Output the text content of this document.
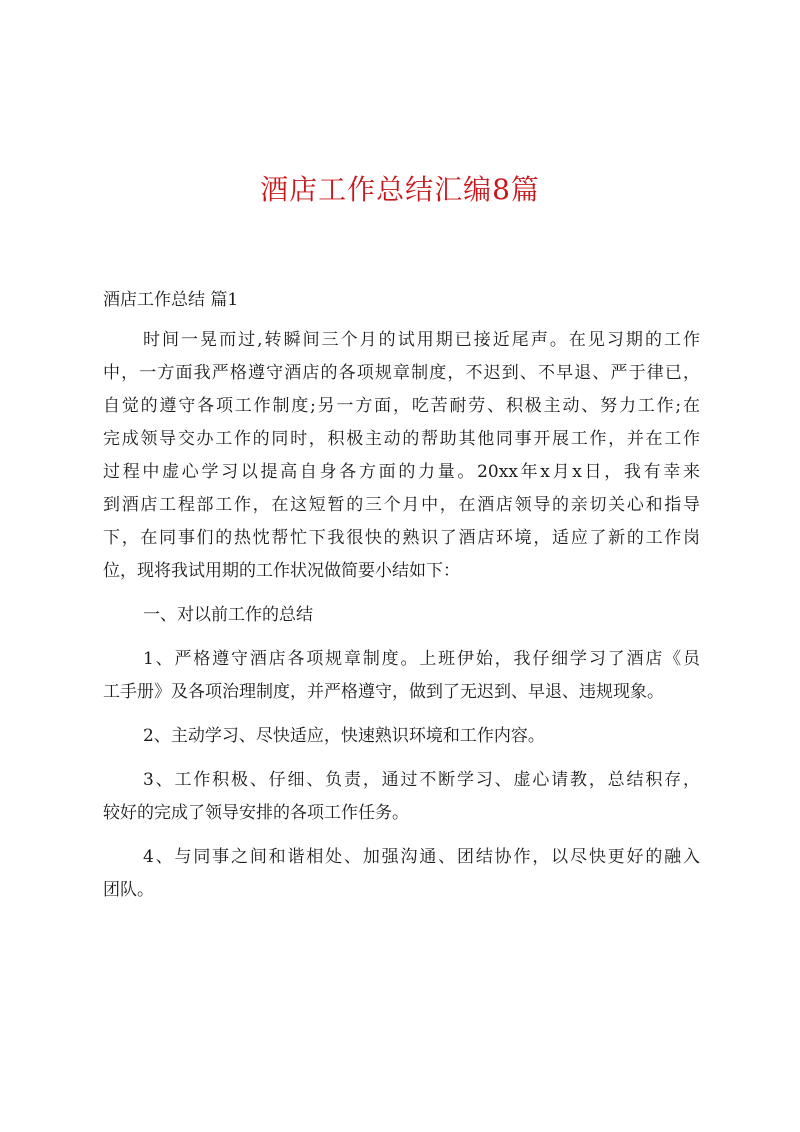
酒店工作总结汇编8篇
酒店工作总结 篇1
时间一晃而过,转瞬间三个月的试用期已接近尾声。在见习期的工作
中，一方面我严格遵守酒店的各项规章制度，不迟到、不早退、严于律已，
自觉的遵守各项工作制度;另一方面，吃苦耐劳、积极主动、努力工作;在
完成领导交办工作的同时，积极主动的帮助其他同事开展工作，并在工作
过程中虚心学习以提高自身各方面的力量。20xx年x月x日，我有幸来
到酒店工程部工作，在这短暂的三个月中，在酒店领导的亲切关心和指导
下，在同事们的热忱帮忙下我很快的熟识了酒店环境，适应了新的工作岗
位，现将我试用期的工作状况做简要小结如下：
一、对以前工作的总结
1、严格遵守酒店各项规章制度。上班伊始，我仔细学习了酒店《员
工手册》及各项治理制度，并严格遵守，做到了无迟到、早退、违规现象。
2、主动学习、尽快适应，快速熟识环境和工作内容。
3、工作积极、仔细、负责，通过不断学习、虚心请教，总结积存，
较好的完成了领导安排的各项工作任务。
4、与同事之间和谐相处、加强沟通、团结协作，以尽快更好的融入
团队。
